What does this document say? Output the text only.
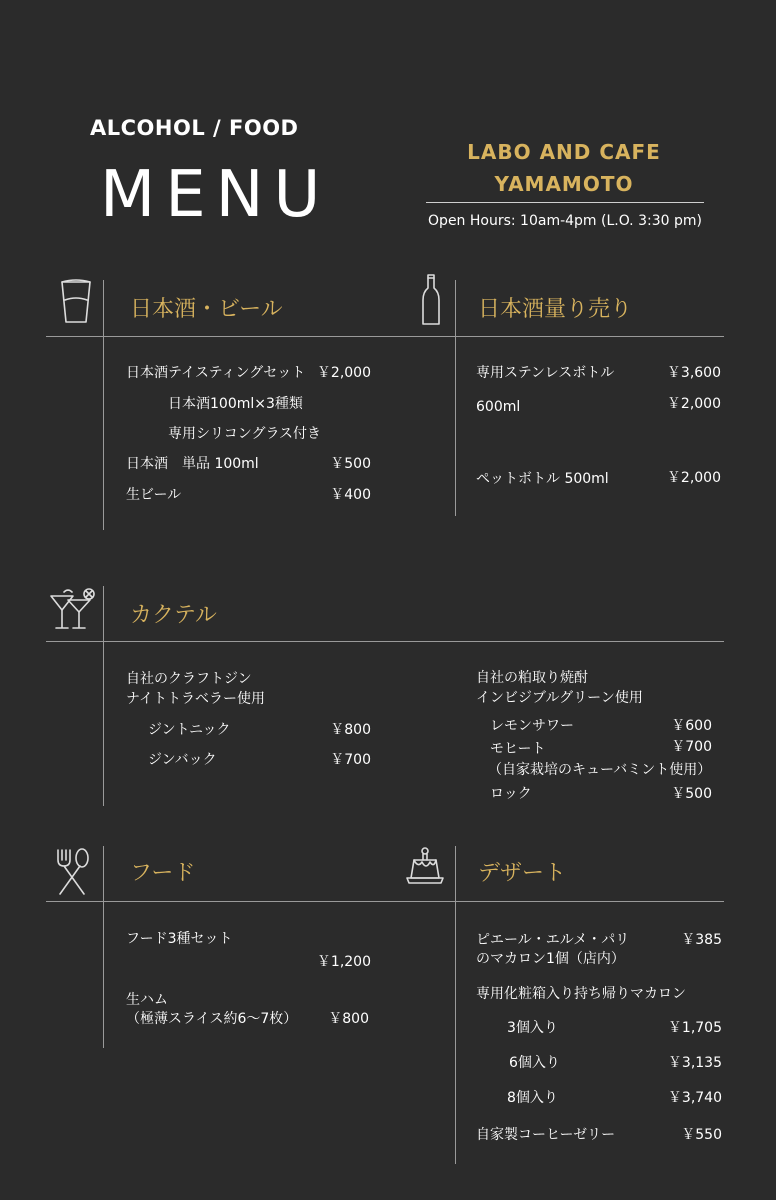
ALCOHOL / FOOD
MENU
LABO AND CAFE
YAMAMOTO
Open Hours: 10am-4pm (L.O. 3:30 pm)
日本酒・ビール	日本酒量り売り
日本酒テイスティングセット ￥2,000
日本酒100ml×3種類
専用シリコングラス付き
日本酒　単品 100ml	￥500
生ビール	￥400
専用ステンレスボトル	￥3,600
600ml	￥2,000
ペットボトル 500ml	￥2,000
カクテル
自社のクラフトジン
ナイトトラベラー使用
ジントニック	￥800
ジンバック	￥700
自社の粕取り焼酎
インビジブルグリーン使用
レモンサワー	￥600
モヒート	￥700
（自家栽培のキューバミント使用）
ロック	￥500
フード	デザート
フード3種セット
￥1,200
生ハム
（極薄スライス約6～7枚）	￥800
ピエール・エルメ・パリ	￥385
のマカロン1個（店内）
専用化粧箱入り持ち帰りマカロン
3個入り	￥1,705
6個入り	￥3,135
8個入り	￥3,740
自家製コーヒーゼリー	￥550
